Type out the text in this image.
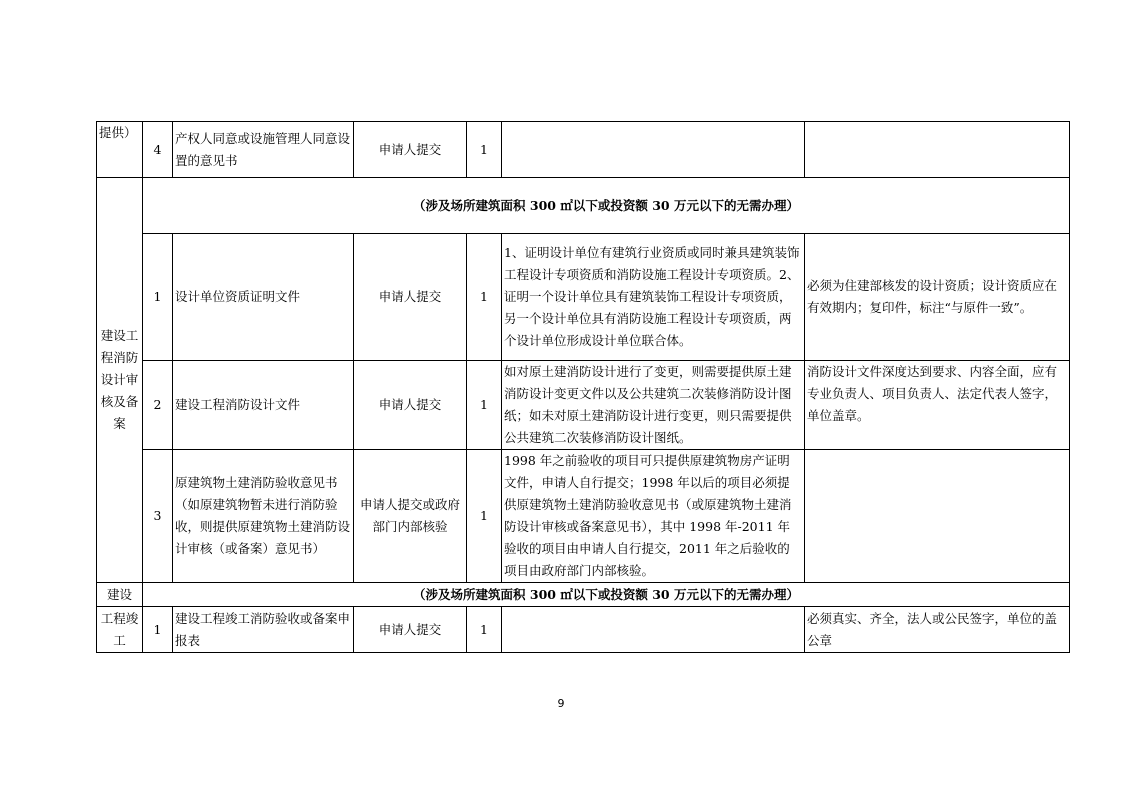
提供）	4	产权人同意或设施管理人同意设置的意见书	申请人提交	1		
建设工程消防设计审核及备案	（涉及场所建筑面积 300 ㎡以下或投资额 30 万元以下的无需办理）					
	1	设计单位资质证明文件	申请人提交	1	1、证明设计单位有建筑行业资质或同时兼具建筑装饰工程设计专项资质和消防设施工程设计专项资质。2、证明一个设计单位具有建筑装饰工程设计专项资质，另一个设计单位具有消防设施工程设计专项资质，两个设计单位形成设计单位联合体。	必须为住建部核发的设计资质；设计资质应在有效期内；复印件，标注“与原件一致”。
	2	建设工程消防设计文件	申请人提交	1	如对原土建消防设计进行了变更，则需要提供原土建消防设计变更文件以及公共建筑二次装修消防设计图纸；如未对原土建消防设计进行变更，则只需要提供公共建筑二次装修消防设计图纸。	消防设计文件深度达到要求、内容全面，应有专业负责人、项目负责人、法定代表人签字，单位盖章。
	3	原建筑物土建消防验收意见书（如原建筑物暂未进行消防验收，则提供原建筑物土建消防设计审核（或备案）意见书）	申请人提交或政府部门内部核验	1	1998 年之前验收的项目可只提供原建筑物房产证明文件，申请人自行提交；1998 年以后的项目必须提供原建筑物土建消防验收意见书（或原建筑物土建消防设计审核或备案意见书），其中 1998 年-2011 年验收的项目由申请人自行提交，2011 年之后验收的项目由政府部门内部核验。	
建设	（涉及场所建筑面积 300 ㎡以下或投资额 30 万元以下的无需办理）					
工程竣工	1	建设工程竣工消防验收或备案申报表	申请人提交	1		必须真实、齐全，法人或公民签字，单位的盖公章
9
